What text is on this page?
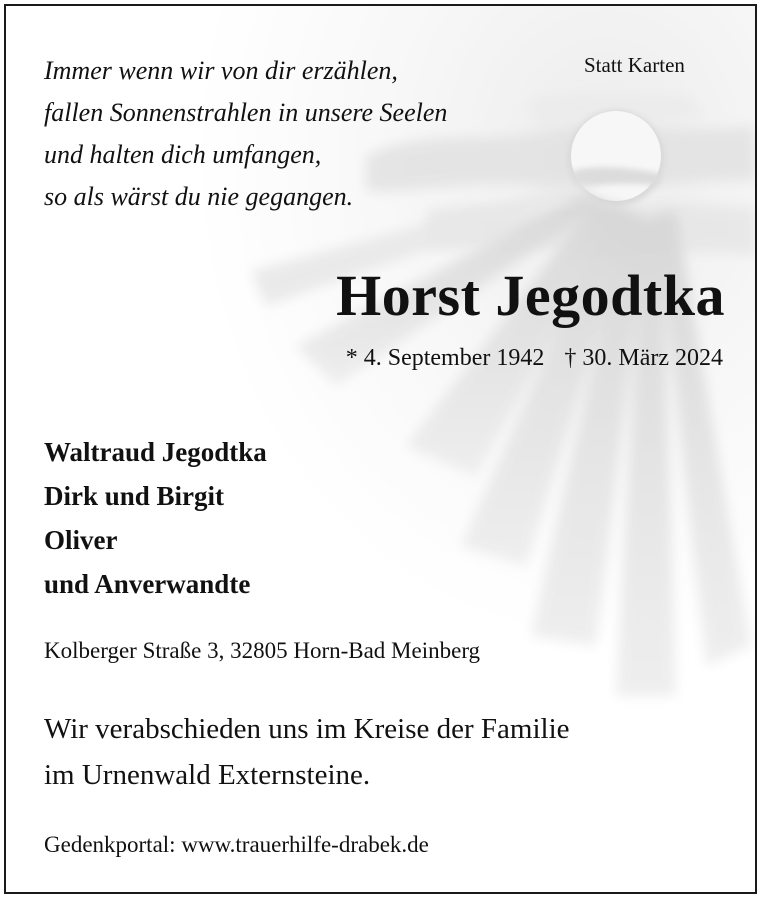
Immer wenn wir von dir erzählen,
fallen Sonnenstrahlen in unsere Seelen
und halten dich umfangen,
so als wärst du nie gegangen.
Statt Karten
Horst Jegodtka
* 4. September 1942 † 30. März 2024
Waltraud Jegodtka
Dirk und Birgit
Oliver
und Anverwandte
Kolberger Straße 3, 32805 Horn-Bad Meinberg
Wir verabschieden uns im Kreise der Familie
im Urnenwald Externsteine.
Gedenkportal: www.trauerhilfe-drabek.de
